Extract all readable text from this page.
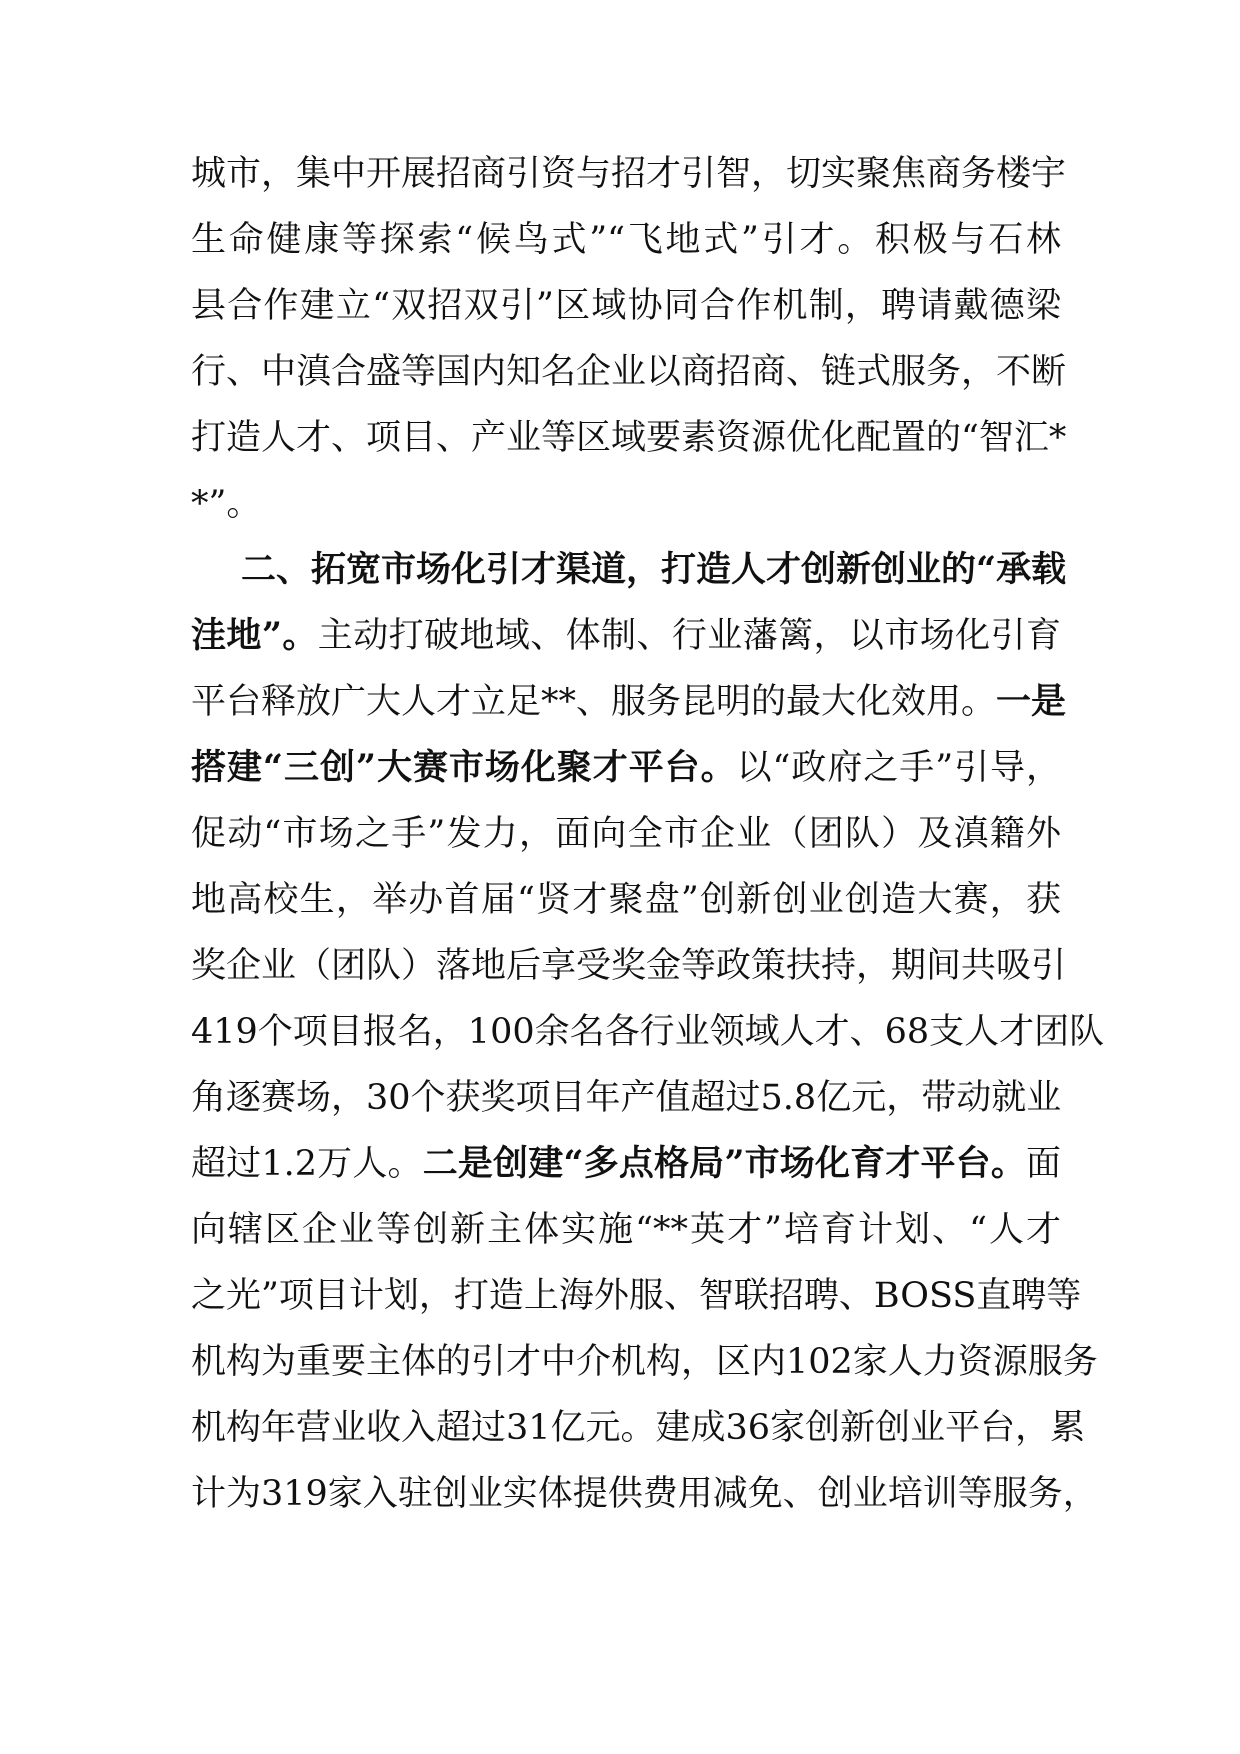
城市，集中开展招商引资与招才引智，切实聚焦商务楼宇
生命健康等探索“候鸟式”“飞地式”引才。积极与石林
县合作建立“双招双引”区域协同合作机制，聘请戴德梁
行、中滇合盛等国内知名企业以商招商、链式服务，不断
打造人才、项目、产业等区域要素资源优化配置的“智汇*
*”。
二、拓宽市场化引才渠道，打造人才创新创业的“承载
洼地”。主动打破地域、体制、行业藩篱，以市场化引育
平台释放广大人才立足**、服务昆明的最大化效用。一是
搭建“三创”大赛市场化聚才平台。以“政府之手”引导，
促动“市场之手”发力，面向全市企业（团队）及滇籍外
地高校生，举办首届“贤才聚盘”创新创业创造大赛，获
奖企业（团队）落地后享受奖金等政策扶持，期间共吸引
419个项目报名，100余名各行业领域人才、68支人才团队
角逐赛场，30个获奖项目年产值超过5.8亿元，带动就业
超过1.2万人。二是创建“多点格局”市场化育才平台。面
向辖区企业等创新主体实施“**英才”培育计划、“人才
之光”项目计划，打造上海外服、智联招聘、BOSS直聘等
机构为重要主体的引才中介机构，区内102家人力资源服务
机构年营业收入超过31亿元。建成36家创新创业平台，累
计为319家入驻创业实体提供费用减免、创业培训等服务，
